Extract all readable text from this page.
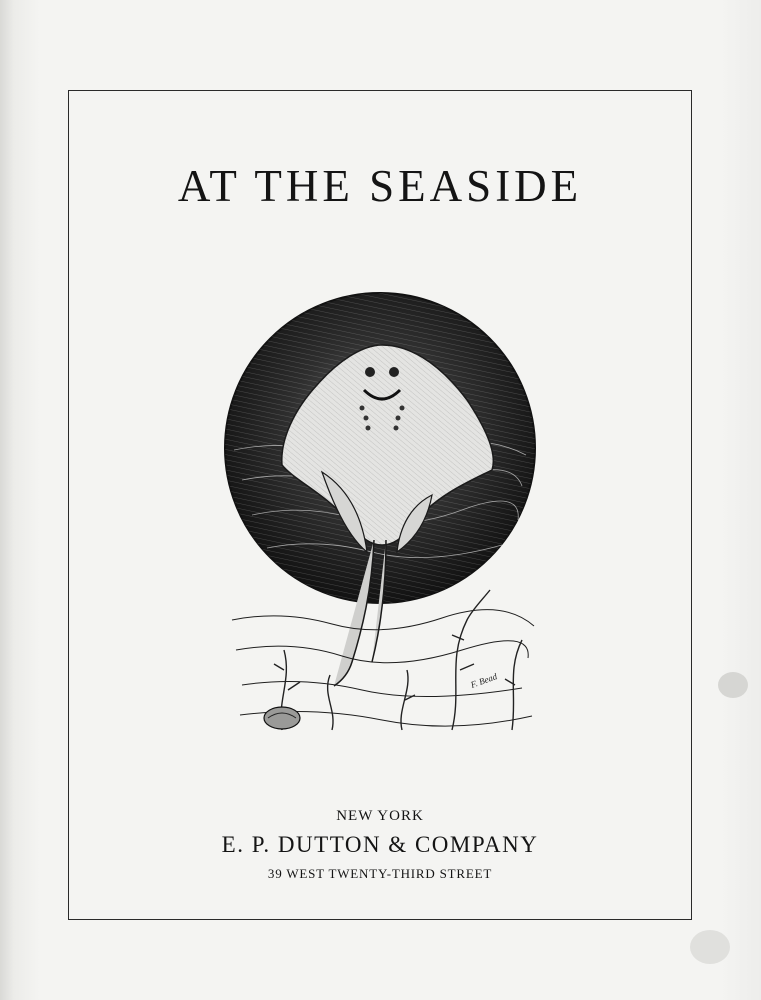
AT THE SEASIDE
F. Bead
NEW YORK
E. P. DUTTON & COMPANY
39 WEST TWENTY-THIRD STREET
